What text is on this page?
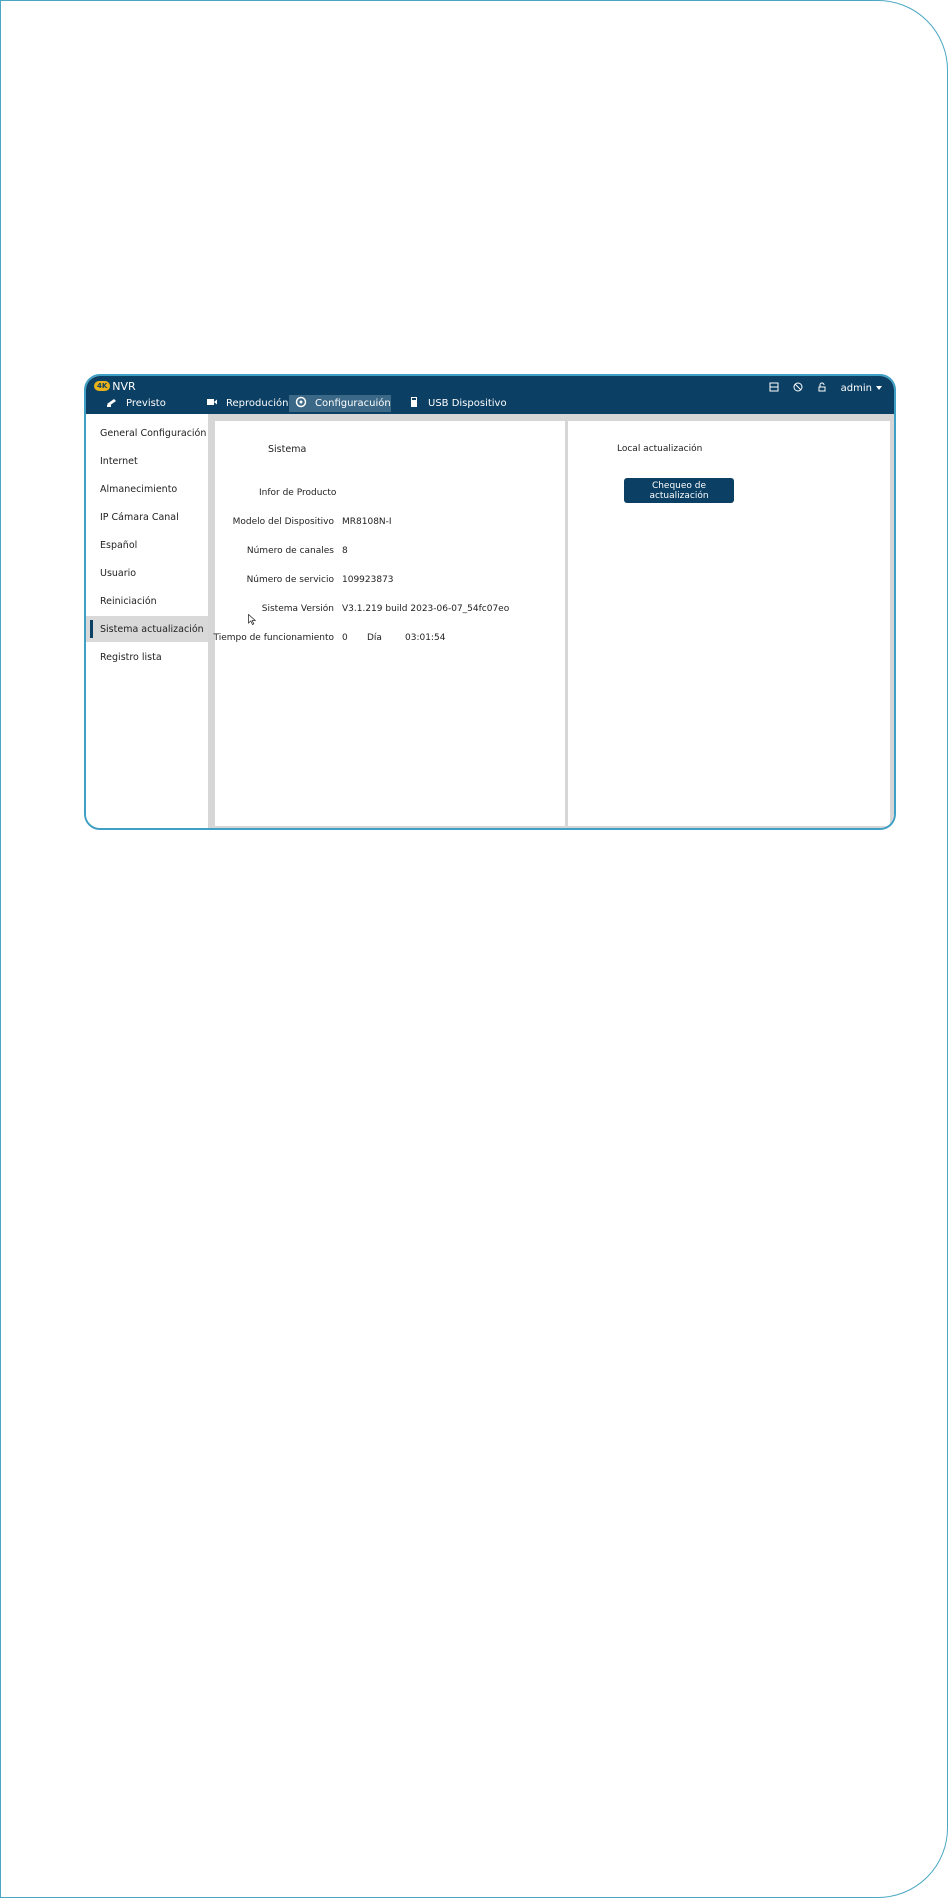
4K NVR
Previsto	Reprodución	Configuracuión	USB Dispositivo
admin
General Configuración
Internet
Almanecimiento
IP Cámara Canal
Español
Usuario
Reiniciación
Sistema actualización
Registro lista
Sistema
Infor de Producto
Modelo del Dispositivo MR8108N-I
Número de canales 8
Número de servicio 109923873
Sistema Versión V3.1.219 build 2023-06-07_54fc07eo
Tiempo de funcionamiento 0 Día	03:01:54
Local actualización
Chequeo de actualización
